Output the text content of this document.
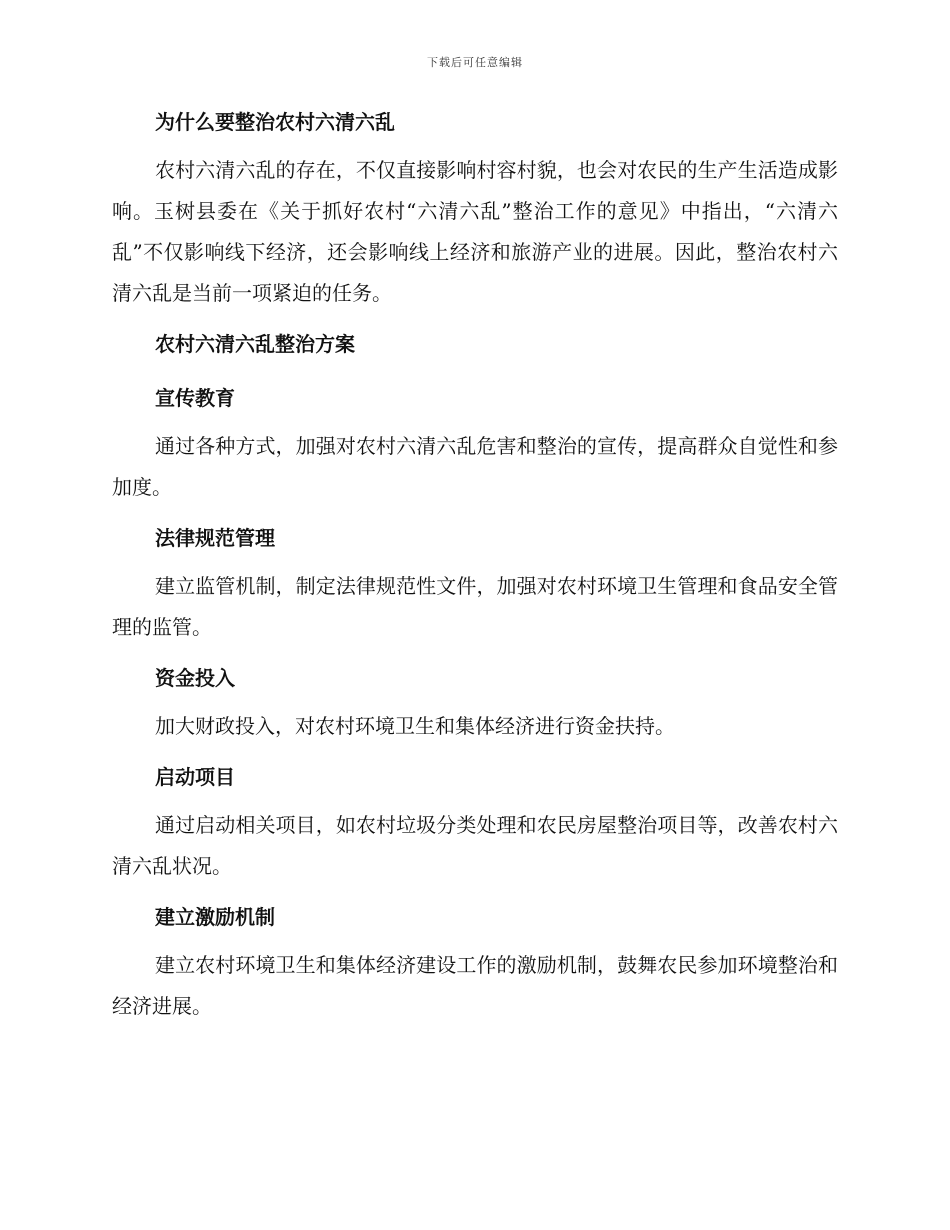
下载后可任意编辑
为什么要整治农村六清六乱

农村六清六乱的存在，不仅直接影响村容村貌，也会对农民的生产生活造成影响。玉树县委在《关于抓好农村“六清六乱”整治工作的意见》中指出，“六清六乱”不仅影响线下经济，还会影响线上经济和旅游产业的进展。因此，整治农村六清六乱是当前一项紧迫的任务。

农村六清六乱整治方案
宣传教育

通过各种方式，加强对农村六清六乱危害和整治的宣传，提高群众自觉性和参加度。

法律规范管理

建立监管机制，制定法律规范性文件，加强对农村环境卫生管理和食品安全管理的监管。

资金投入

加大财政投入，对农村环境卫生和集体经济进行资金扶持。

启动项目

通过启动相关项目，如农村垃圾分类处理和农民房屋整治项目等，改善农村六清六乱状况。

建立激励机制

建立农村环境卫生和集体经济建设工作的激励机制，鼓舞农民参加环境整治和经济进展。
